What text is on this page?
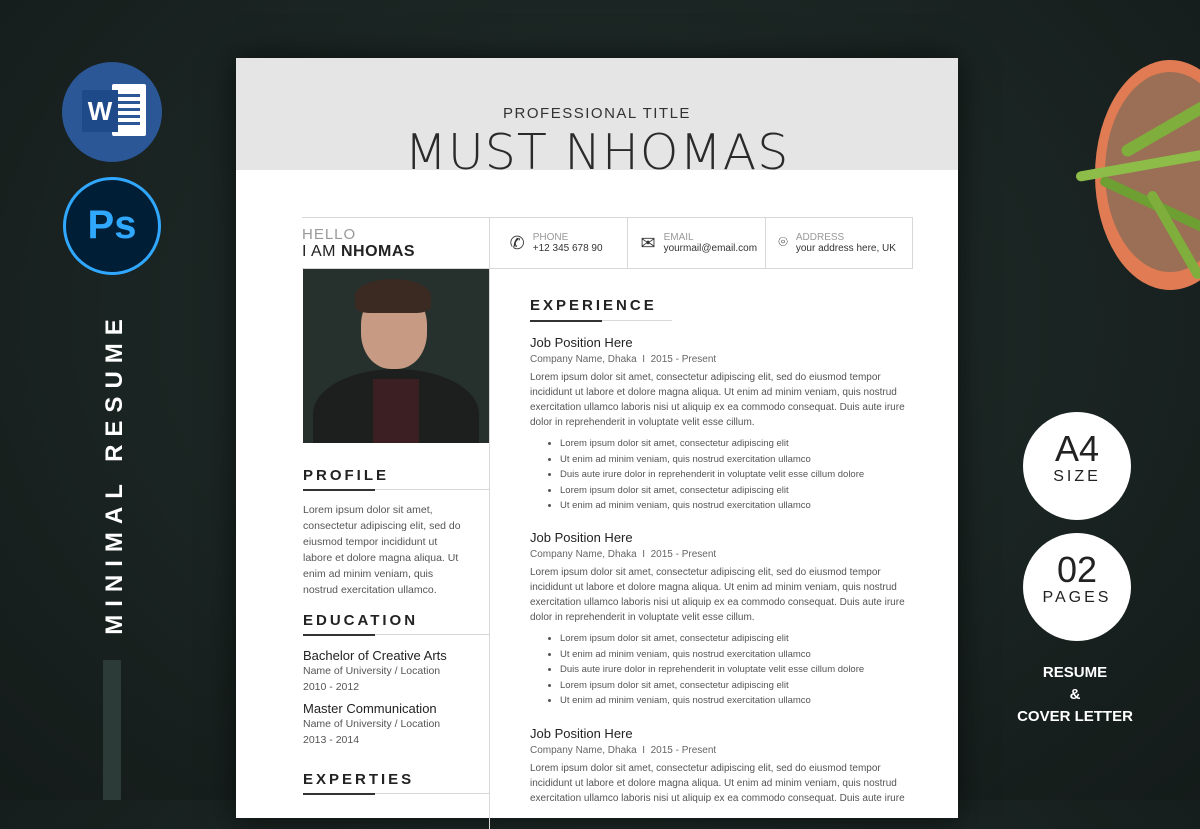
W
Ps
MINIMAL RESUME	A4
SIZE
02
PAGES
RESUME
&
COVER LETTER
PROFESSIONAL TITLE
MUST NHOMAS
HELLO
I AM NHOMAS	✆ PHONE
+12 345 678 90 ✉ EMAIL
yourmail@email.com ⌾ ADDRESS
your address here, UK
PROFILE
Lorem ipsum dolor sit amet, consectetur adipiscing elit, sed do eiusmod tempor incididunt ut labore et dolore magna aliqua. Ut enim ad minim veniam, quis nostrud exercitation ullamco.
EDUCATION
Bachelor of Creative Arts
Name of University / Location
2010 - 2012
Master Communication
Name of University / Location
2013 - 2014
EXPERTIES
EXPERIENCE
Job Position Here
Company Name, Dhaka  I  2015 - Present
Lorem ipsum dolor sit amet, consectetur adipiscing elit, sed do eiusmod tempor incididunt ut labore et dolore magna aliqua. Ut enim ad minim veniam, quis nostrud exercitation ullamco laboris nisi ut aliquip ex ea commodo consequat. Duis aute irure dolor in reprehenderit in voluptate velit esse cillum.
• Lorem ipsum dolor sit amet, consectetur adipiscing elit
• Ut enim ad minim veniam, quis nostrud exercitation ullamco
• Duis aute irure dolor in reprehenderit in voluptate velit esse cillum dolore
• Lorem ipsum dolor sit amet, consectetur adipiscing elit
• Ut enim ad minim veniam, quis nostrud exercitation ullamco
Job Position Here
Company Name, Dhaka  I  2015 - Present
Lorem ipsum dolor sit amet, consectetur adipiscing elit, sed do eiusmod tempor incididunt ut labore et dolore magna aliqua. Ut enim ad minim veniam, quis nostrud exercitation ullamco laboris nisi ut aliquip ex ea commodo consequat. Duis aute irure dolor in reprehenderit in voluptate velit esse cillum.
• Lorem ipsum dolor sit amet, consectetur adipiscing elit
• Ut enim ad minim veniam, quis nostrud exercitation ullamco
• Duis aute irure dolor in reprehenderit in voluptate velit esse cillum dolore
• Lorem ipsum dolor sit amet, consectetur adipiscing elit
• Ut enim ad minim veniam, quis nostrud exercitation ullamco
Job Position Here
Company Name, Dhaka  I  2015 - Present
Lorem ipsum dolor sit amet, consectetur adipiscing elit, sed do eiusmod tempor incididunt ut labore et dolore magna aliqua. Ut enim ad minim veniam, quis nostrud exercitation ullamco laboris nisi ut aliquip ex ea commodo consequat. Duis aute irure
